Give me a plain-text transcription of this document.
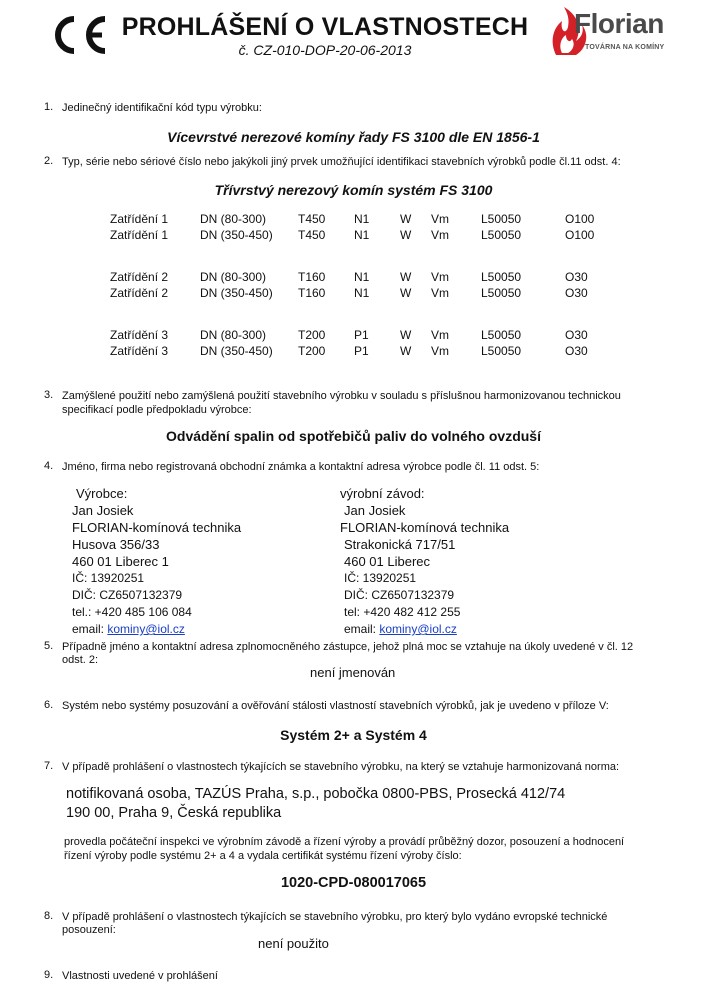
PROHLÁŠENÍ O VLASTNOSTECH
č. CZ-010-DOP-20-06-2013
Florian
TOVÁRNA NA KOMÍNY
1. Jedinečný identifikační kód typu výrobku:
Vícevrstvé nerezové komíny řady FS 3100 dle EN 1856-1
2. Typ, série nebo sériové číslo nebo jakýkoli jiný prvek umožňující identifikaci stavebních výrobků podle čl.11 odst. 4:
Třívrstvý nerezový komín systém FS 3100
Zatřídění 1	DN (80-300)	T450 N1	W Vm	L50050	O100
Zatřídění 1	DN (350-450) T450 N1	W Vm	L50050	O100
Zatřídění 2	DN (80-300)	T160 N1	W Vm	L50050	O30
Zatřídění 2	DN (350-450) T160 N1	W Vm	L50050	O30
Zatřídění 3	DN (80-300)	T200 P1	W Vm	L50050	O30
Zatřídění 3	DN (350-450) T200 P1	W Vm	L50050	O30
3. Zamýšlené použití nebo zamýšlená použití stavebního výrobku v souladu s příslušnou harmonizovanou technickou
specifikací podle předpokladu výrobce:
Odvádění spalin od spotřebičů paliv do volného ovzduší
4. Jméno, firma nebo registrovaná obchodní známka a kontaktní adresa výrobce podle čl. 11 odst. 5:
Výrobce:
Jan Josiek
FLORIAN-komínová technika
Husova 356/33
460 01 Liberec 1
IČ: 13920251
DIČ: CZ6507132379
tel.: +420 485 106 084
email: kominy@iol.cz
výrobní závod:
Jan Josiek
FLORIAN-komínová technika
Strakonická 717/51
460 01 Liberec
IČ: 13920251
DIČ: CZ6507132379
tel: +420 482 412 255
email: kominy@iol.cz
5. Případně jméno a kontaktní adresa zplnomocněného zástupce, jehož plná moc se vztahuje na úkoly uvedené v čl. 12
odst. 2:
není jmenován
6. Systém nebo systémy posuzování a ověřování stálosti vlastností stavebních výrobků, jak je uvedeno v příloze V:
Systém 2+ a Systém 4
7. V případě prohlášení o vlastnostech týkajících se stavebního výrobku, na který se vztahuje harmonizovaná norma:
notifikovaná osoba, TAZÚS Praha, s.p., pobočka 0800-PBS, Prosecká 412/74
190 00, Praha 9, Česká republika
provedla počáteční inspekci ve výrobním závodě a řízení výroby a provádí průběžný dozor, posouzení a hodnocení
řízení výroby podle systému 2+ a 4 a vydala certifikát systému řízení výroby číslo:
1020-CPD-080017065
8. V případě prohlášení o vlastnostech týkajících se stavebního výrobku, pro který bylo vydáno evropské technické
posouzení:
není použito
9. Vlastnosti uvedené v prohlášení
